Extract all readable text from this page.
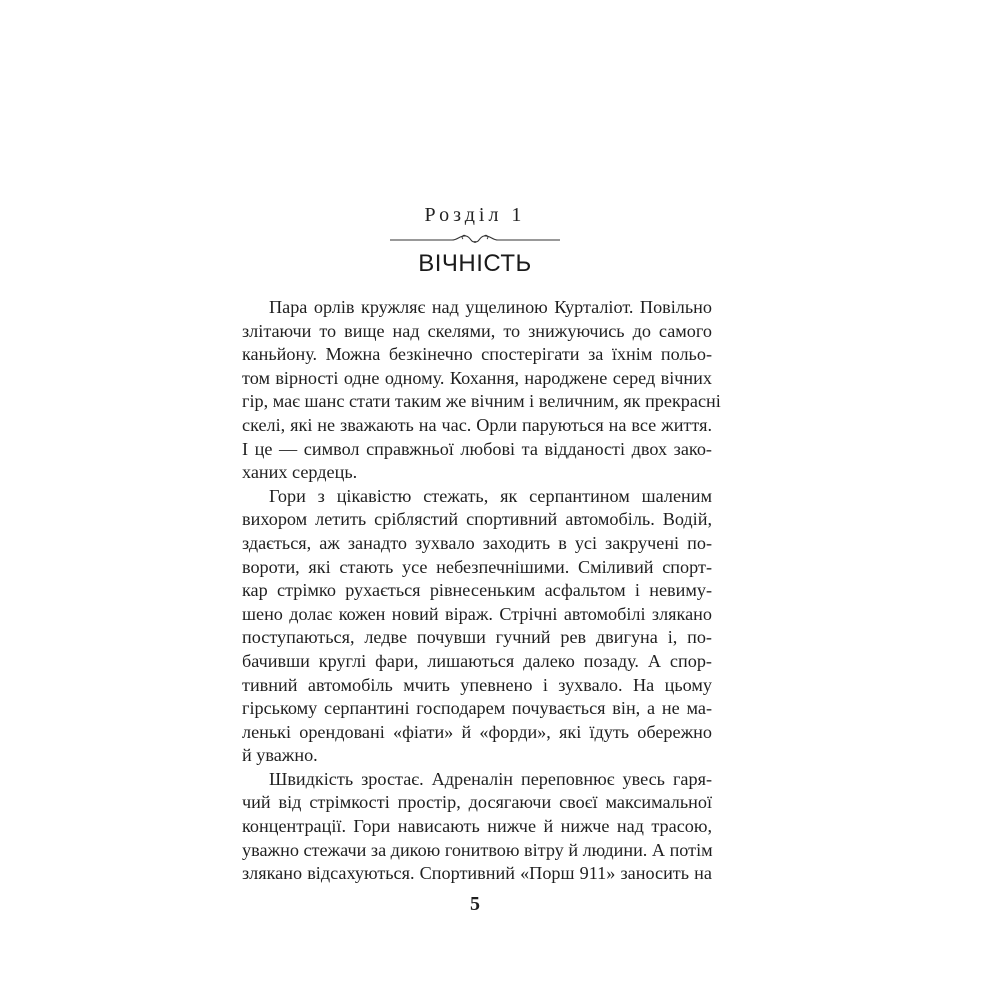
Розділ 1
ВІЧНІСТЬ
Пара орлів кружляє над ущелиною Курталіот. Повільно
злітаючи то вище над скелями, то знижуючись до самого
каньйону. Можна безкінечно спостерігати за їхнім польо-
том вірності одне одному. Кохання, народжене серед вічних
гір, має шанс стати таким же вічним і величним, як прекрасні
скелі, які не зважають на час. Орли паруються на все життя.
І це — символ справжньої любові та відданості двох зако-
ханих сердець.
Гори з цікавістю стежать, як серпантином шаленим
вихором летить сріблястий спортивний автомобіль. Водій,
здається, аж занадто зухвало заходить в усі закручені по-
вороти, які стають усе небезпечнішими. Сміливий спорт-
кар стрімко рухається рівнесеньким асфальтом і невиму-
шено долає кожен новий віраж. Стрічні автомобілі злякано
поступаються, ледве почувши гучний рев двигуна і, по-
бачивши круглі фари, лишаються далеко позаду. А спор-
тивний автомобіль мчить упевнено і зухвало. На цьому
гірському серпантині господарем почувається він, а не ма-
ленькі орендовані «фіати» й «форди», які їдуть обережно
й уважно.
Швидкість зростає. Адреналін переповнює увесь гаря-
чий від стрімкості простір, досягаючи своєї максимальної
концентрації. Гори нависають нижче й нижче над трасою,
уважно стежачи за дикою гонитвою вітру й людини. А потім
злякано відсахуються. Спортивний «Порш 911» заносить на
5
